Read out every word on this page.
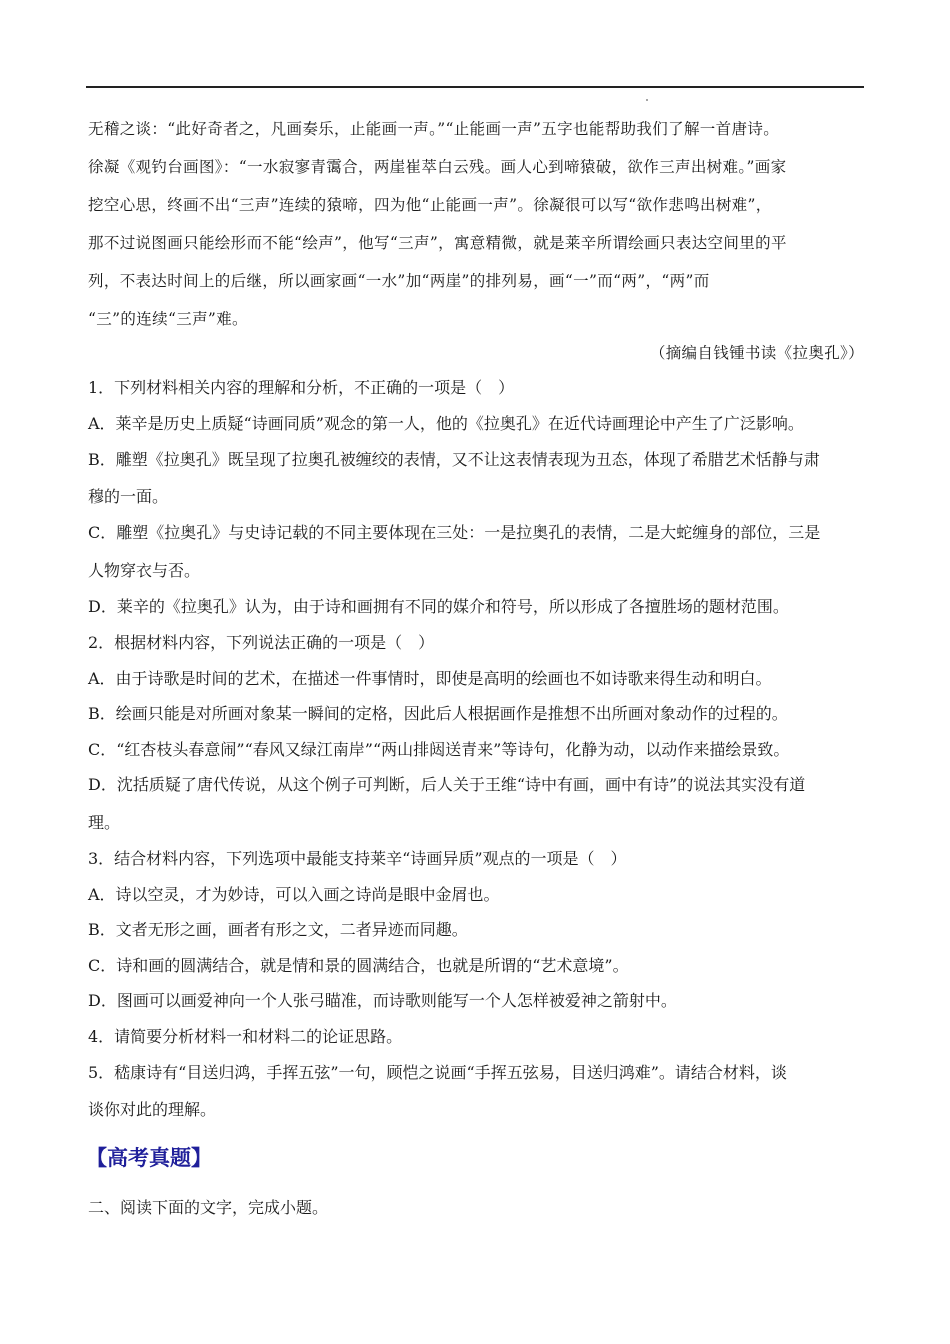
无稽之谈：“此好奇者之，凡画奏乐，止能画一声。”“止能画一声”五字也能帮助我们了解一首唐诗。
徐凝《观钓台画图》：“一水寂寥青霭合，两崖崔萃白云残。画人心到啼猿破，欲作三声出树难。”画家
挖空心思，终画不出“三声”连续的猿啼，四为他“止能画一声”。徐凝很可以写“欲作悲鸣出树难”，
那不过说图画只能绘形而不能“绘声”，他写“三声”，寓意精微，就是莱辛所谓绘画只表达空间里的平
列，不表达时间上的后继，所以画家画“一水”加“两崖”的排列易，画“一”而“两”，“两”而
“三”的连续“三声”难。
（摘编自钱锺书读《拉奥孔》）
1．下列材料相关内容的理解和分析，不正确的一项是（　）
A．莱辛是历史上质疑“诗画同质”观念的第一人，他的《拉奥孔》在近代诗画理论中产生了广泛影响。
B．雕塑《拉奥孔》既呈现了拉奥孔被缠绞的表情，又不让这表情表现为丑态，体现了希腊艺术恬静与肃
穆的一面。
C．雕塑《拉奥孔》与史诗记载的不同主要体现在三处：一是拉奥孔的表情，二是大蛇缠身的部位，三是
人物穿衣与否。
D．莱辛的《拉奥孔》认为，由于诗和画拥有不同的媒介和符号，所以形成了各擅胜场的题材范围。
2．根据材料内容，下列说法正确的一项是（　）
A．由于诗歌是时间的艺术，在描述一件事情时，即使是高明的绘画也不如诗歌来得生动和明白。
B．绘画只能是对所画对象某一瞬间的定格，因此后人根据画作是推想不出所画对象动作的过程的。
C．“红杏枝头春意闹”“春风又绿江南岸”“两山排闼送青来”等诗句，化静为动，以动作来描绘景致。
D．沈括质疑了唐代传说，从这个例子可判断，后人关于王维“诗中有画，画中有诗”的说法其实没有道
理。
3．结合材料内容，下列选项中最能支持莱辛“诗画异质”观点的一项是（　）
A．诗以空灵，才为妙诗，可以入画之诗尚是眼中金屑也。
B．文者无形之画，画者有形之文，二者异迹而同趣。
C．诗和画的圆满结合，就是情和景的圆满结合，也就是所谓的“艺术意境”。
D．图画可以画爱神向一个人张弓瞄准，而诗歌则能写一个人怎样被爱神之箭射中。
4．请简要分析材料一和材料二的论证思路。
5．嵇康诗有“目送归鸿，手挥五弦”一句，顾恺之说画“手挥五弦易，目送归鸿难”。请结合材料，谈
谈你对此的理解。
【高考真题】
二、阅读下面的文字，完成小题。
